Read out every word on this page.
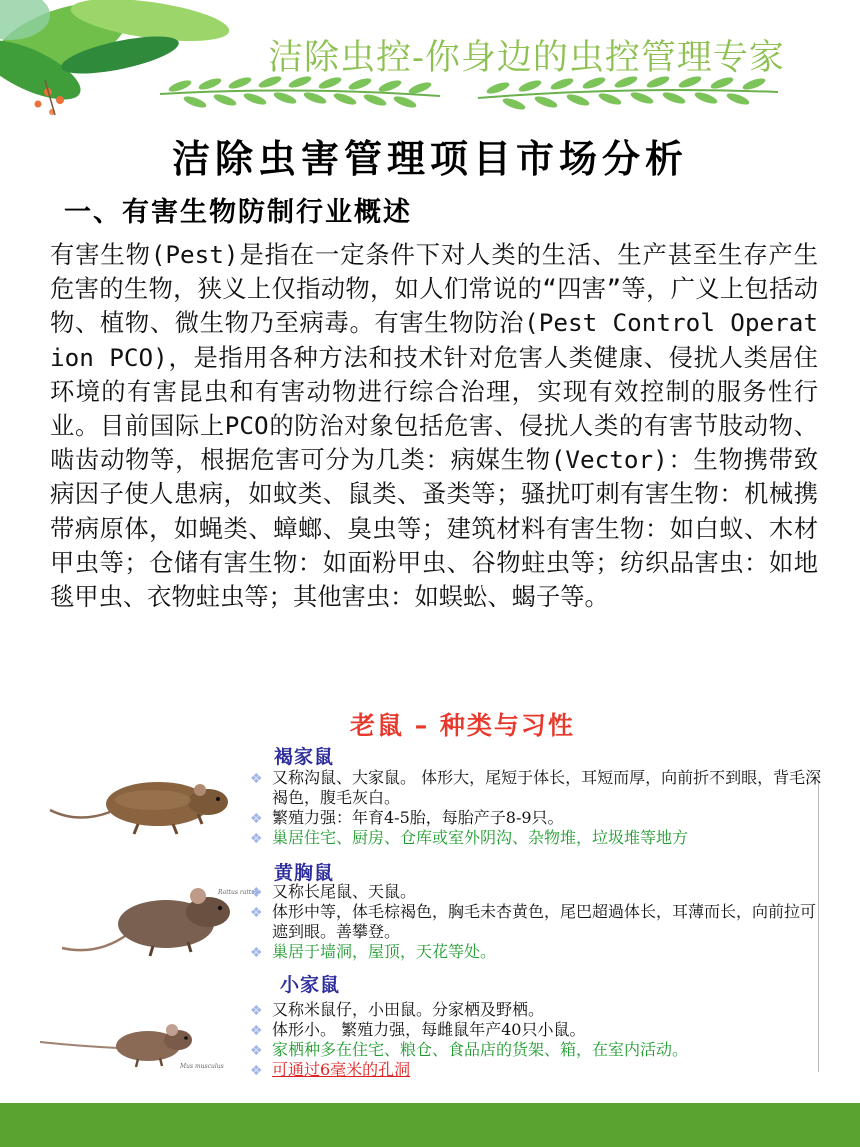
洁除虫控-你身边的虫控管理专家
洁除虫害管理项目市场分析
一、有害生物防制行业概述

有害生物(Pest)是指在一定条件下对人类的生活、生产甚至生存产生危害的生物，狭义上仅指动物，如人们常说的“四害”等，广义上包括动物、植物、微生物乃至病毒。有害生物防治(Pest Control Operation PCO)，是指用各种方法和技术针对危害人类健康、侵扰人类居住环境的有害昆虫和有害动物进行综合治理，实现有效控制的服务性行业。目前国际上PCO的防治对象包括危害、侵扰人类的有害节肢动物、啮齿动物等，根据危害可分为几类：病媒生物(Vector)：生物携带致病因子使人患病，如蚊类、鼠类、蚤类等；骚扰叮刺有害生物：机械携带病原体，如蝇类、蟑螂、臭虫等；建筑材料有害生物：如白蚁、木材甲虫等；仓储有害生物：如面粉甲虫、谷物蛀虫等；纺织品害虫：如地毯甲虫、衣物蛀虫等；其他害虫：如蜈蚣、蝎子等。

老鼠 – 种类与习性
褐家鼠
❖ 又称沟鼠、大家鼠。 体形大，尾短于体长，耳短而厚，向前折不到眼，背毛深褐色，腹毛灰白。
❖ 繁殖力强：年育4-5胎，每胎产子8-9只。
❖ 巢居住宅、厨房、仓库或室外阴沟、杂物堆，垃圾堆等地方
黄胸鼠
Rattus rattus
❖ 又称长尾鼠、天鼠。
❖ 体形中等，体毛棕褐色，胸毛未杏黄色，尾巴超過体长，耳薄而长，向前拉可遮到眼。善攀登。
❖ 巢居于墙洞，屋顶，天花等处。
小家鼠
Mus musculus
❖ 又称米鼠仔，小田鼠。分家栖及野栖。
❖ 体形小。 繁殖力强，每雌鼠年产40只小鼠。
❖ 家栖种多在住宅、粮仓、食品店的货架、箱，在室内活动。
❖ 可通过6毫米的孔洞
